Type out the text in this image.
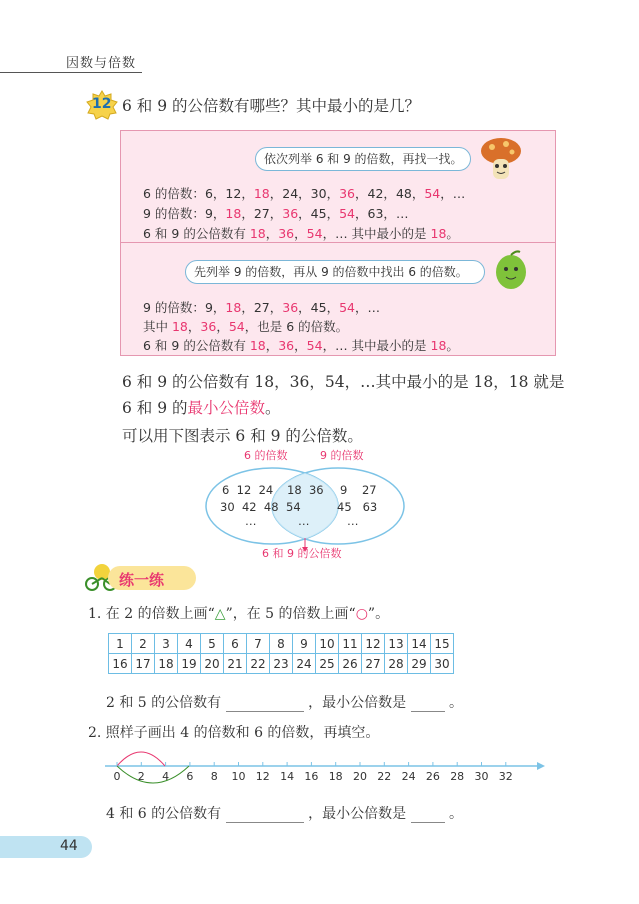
因数与倍数
12 6 和 9 的公倍数有哪些？其中最小的是几？
依次列举 6 和 9 的倍数，再找一找。
6 的倍数：6，12，18，24，30，36，42，48，54，…
9 的倍数：9，18，27，36，45，54，63，…
6 和 9 的公倍数有 18，36，54，… 其中最小的是 18。
先列举 9 的倍数，再从 9 的倍数中找出 6 的倍数。
9 的倍数：9，18，27，36，45，54，…
其中 18，36，54，也是 6 的倍数。
6 和 9 的公倍数有 18，36，54，… 其中最小的是 18。
6 和 9 的公倍数有 18，36，54，…其中最小的是 18，18 就是
6 和 9 的最小公倍数。
可以用下图表示 6 和 9 的公倍数。
6 的倍数	9 的倍数
6  12  24
30  42  48
…
18  36
54
…
9    27
45   63
…
6 和 9 的公倍数
练一练
1. 在 2 的倍数上画“△”，在 5 的倍数上画“○”。
1	2	3	4	5	6	7	8	9	10	11	12	13	14	15
16	17	18	19	20	21	22	23	24	25	26	27	28	29	30
2 和 5 的公倍数有	，最小公倍数是	。
2. 照样子画出 4 的倍数和 6 的倍数，再填空。
0 2 4 6 8 10 12 14 16 18 20 22 24 26 28 30 32
4 和 6 的公倍数有	，最小公倍数是	。
44
